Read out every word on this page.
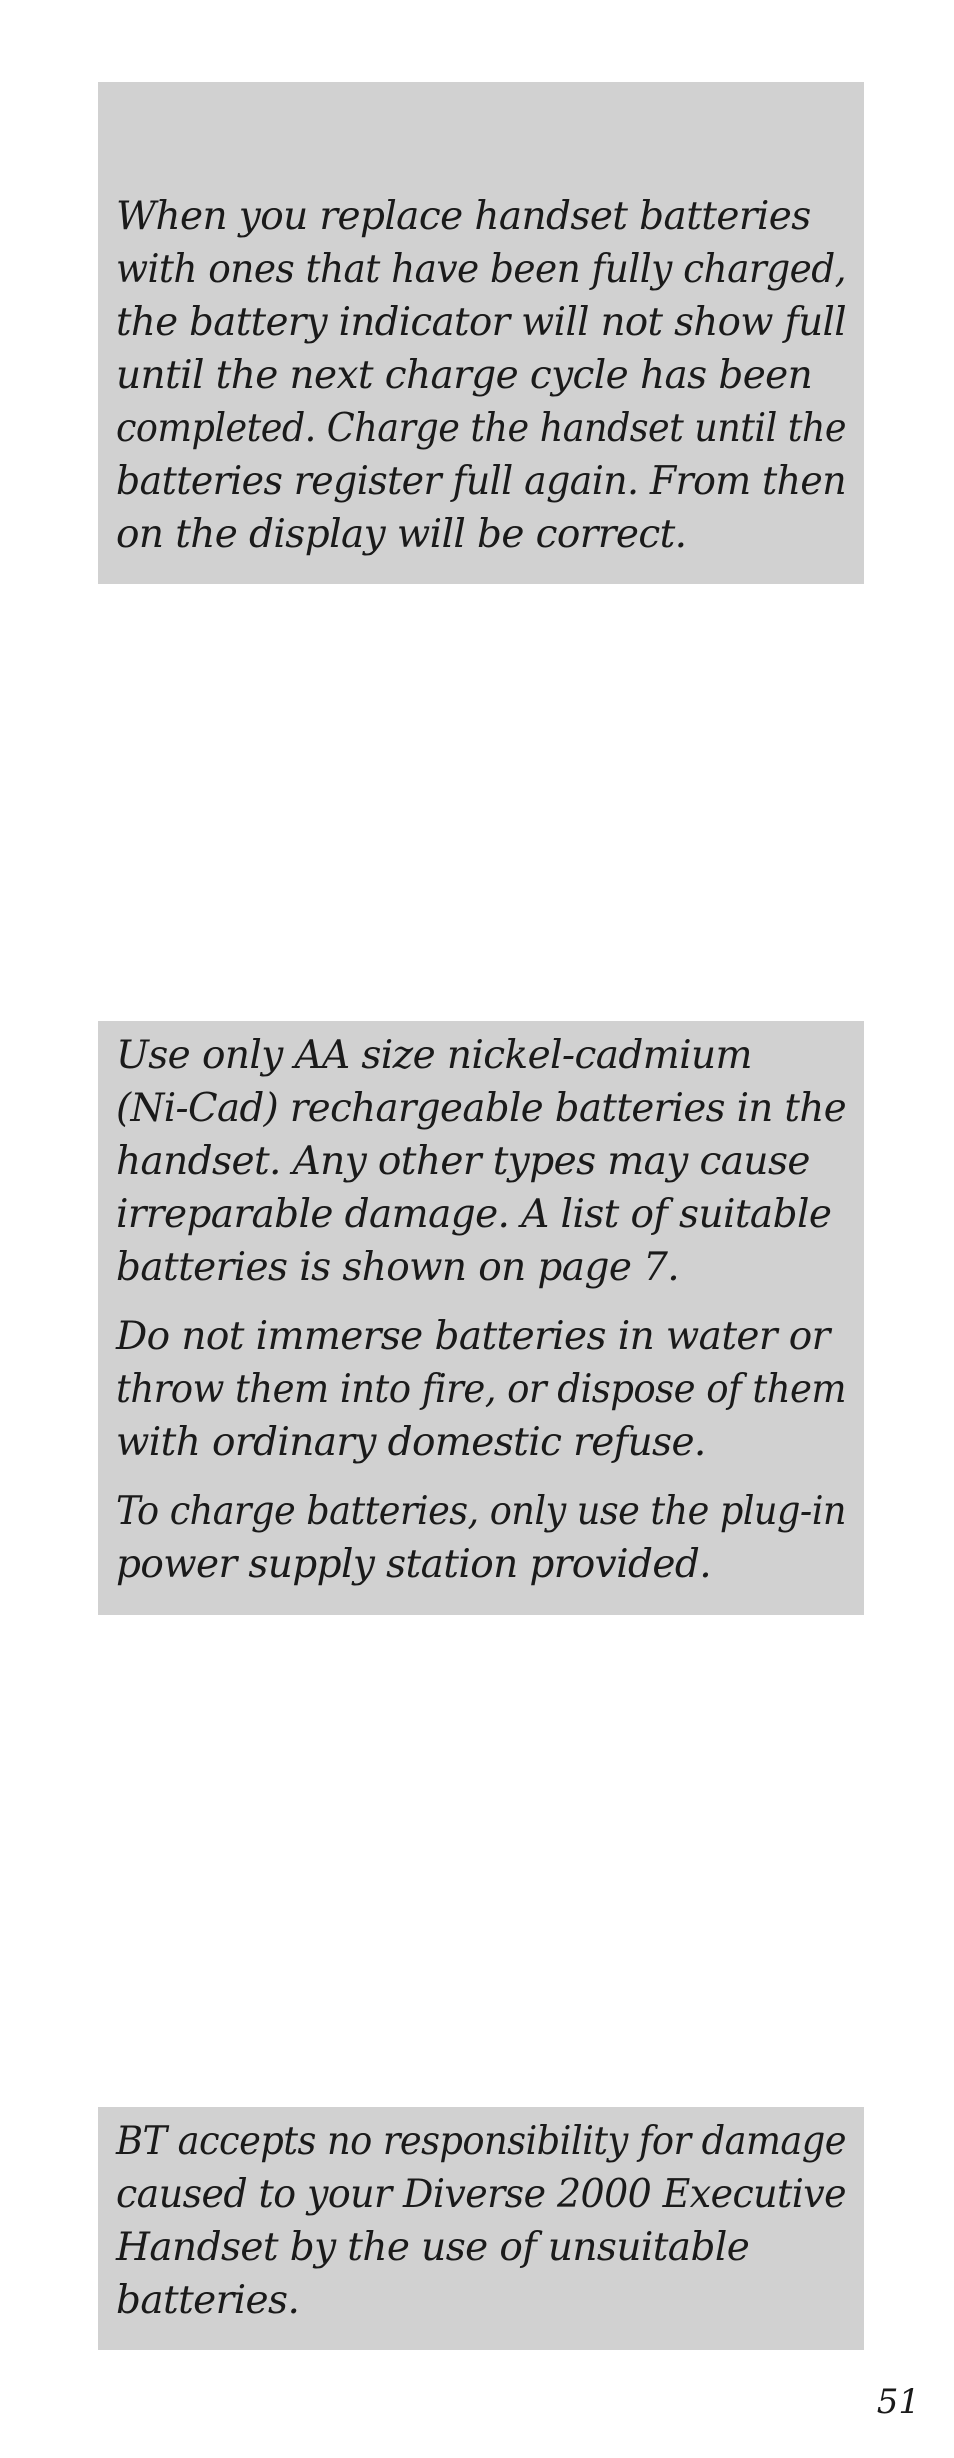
When you replace handset batteries
with ones that have been fully charged,
the battery indicator will not show full
until the next charge cycle has been
completed. Charge the handset until the
batteries register full again. From then
on the display will be correct.

Use only AA size nickel-cadmium
(Ni-Cad) rechargeable batteries in the
handset. Any other types may cause
irreparable damage. A list of suitable
batteries is shown on page 7.

Do not immerse batteries in water or
throw them into fire, or dispose of them
with ordinary domestic refuse.

To charge batteries, only use the plug-in
power supply station provided.

BT accepts no responsibility for damage
caused to your Diverse 2000 Executive
Handset by the use of unsuitable
batteries.

51
